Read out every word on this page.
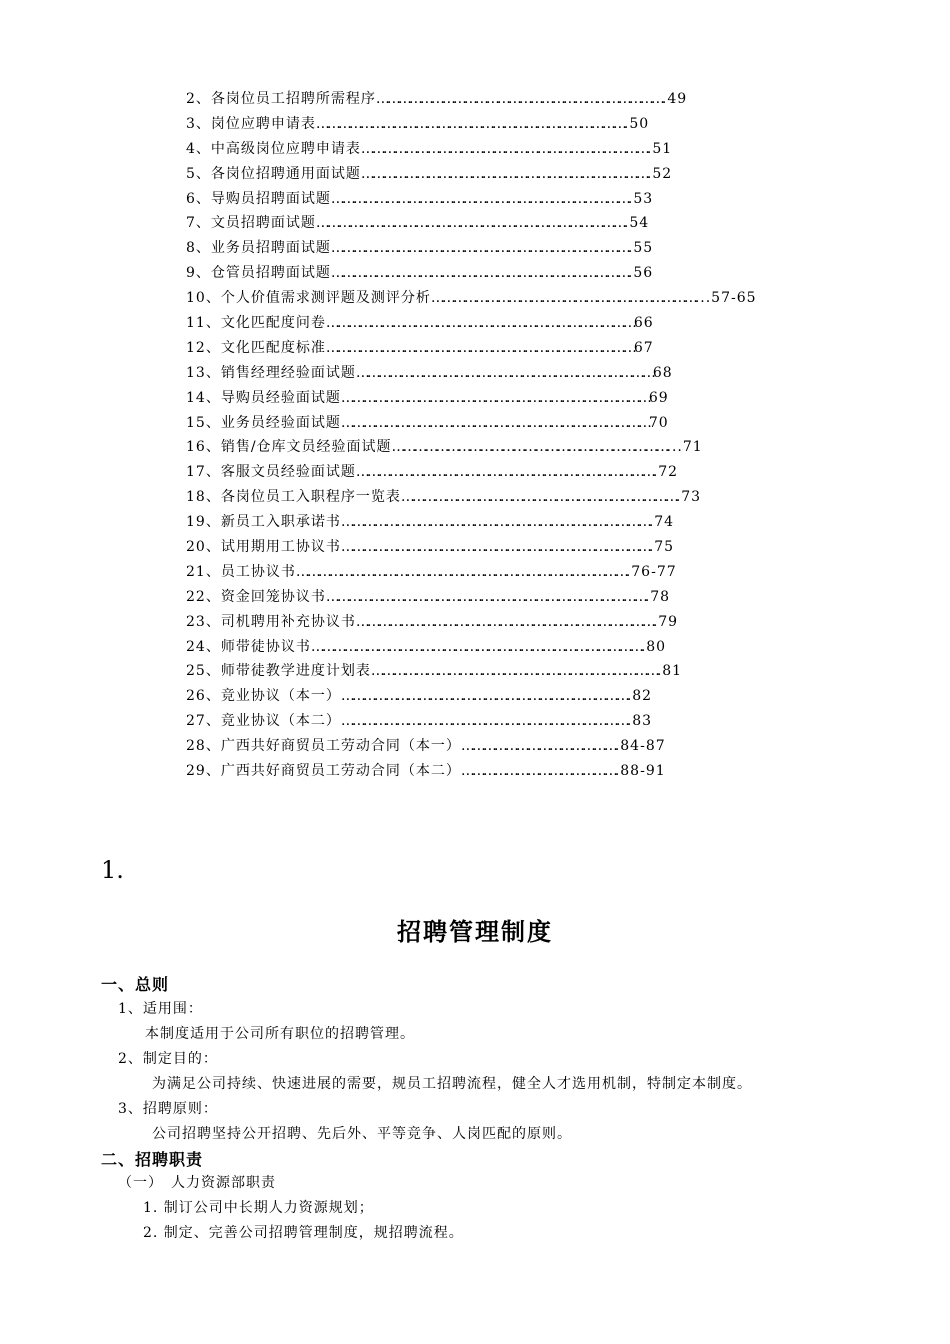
2、各岗位员工招聘所需程序…………………………………………………………………….49
3、岗位应聘申请表………………………………………………………………………….50
4、中高级岗位应聘申请表…………………………………………………………………….51
5、各岗位招聘通用面试题…………………………………………………………………….52
6、导购员招聘面试题……………………………………………………………………….53
7、文员招聘面试题………………………………………………………………………….54
8、业务员招聘面试题……………………………………………………………………….55
9、仓管员招聘面试题……………………………………………………………………….56
10、个人价值需求测评题及测评分析………………………………………………………………...57-65
11、文化匹配度问卷…………………………………………………………………………66
12、文化匹配度标准…………………………………………………………………………67
13、销售经理经验面试题………………………………………………………………………68
14、导购员经验面试题…………………………………………………………………………69
15、业务员经验面试题…………………………………………………………………………70
16、销售/仓库文员经验面试题…………………………………………………………………...71
17、客服文员经验面试题……………………………………………………………………….72
18、各岗位员工入职程序一览表………………………………………………………………….73
19、新员工入职承诺书………………………………………………………………………….74
20、试用期用工协议书………………………………………………………………………….75
21、员工协议书……………………………………………………………………………….76-77
22、资金回笼协议书…………………………………………………………………………….78
23、司机聘用补充协议书……………………………………………………………………….79
24、师带徒协议书……………………………………………………………………………….80
25、师带徒教学进度计划表…………………………………………………………………….81
26、竞业协议（本一）…………………………………………………………………….82
27、竞业协议（本二）…………………………………………………………………….83
28、广西共好商贸员工劳动合同（本一）…………………………………….84-87
29、广西共好商贸员工劳动合同（本二）…………………………………….88-91
1.
招聘管理制度
一、总则
1、适用围：
本制度适用于公司所有职位的招聘管理。
2、制定目的：
为满足公司持续、快速进展的需要，规员工招聘流程，健全人才选用机制，特制定本制度。
3、招聘原则：
公司招聘坚持公开招聘、先后外、平等竞争、人岗匹配的原则。
二、招聘职责
（一）　人力资源部职责
1. 制订公司中长期人力资源规划；
2. 制定、完善公司招聘管理制度，规招聘流程。
